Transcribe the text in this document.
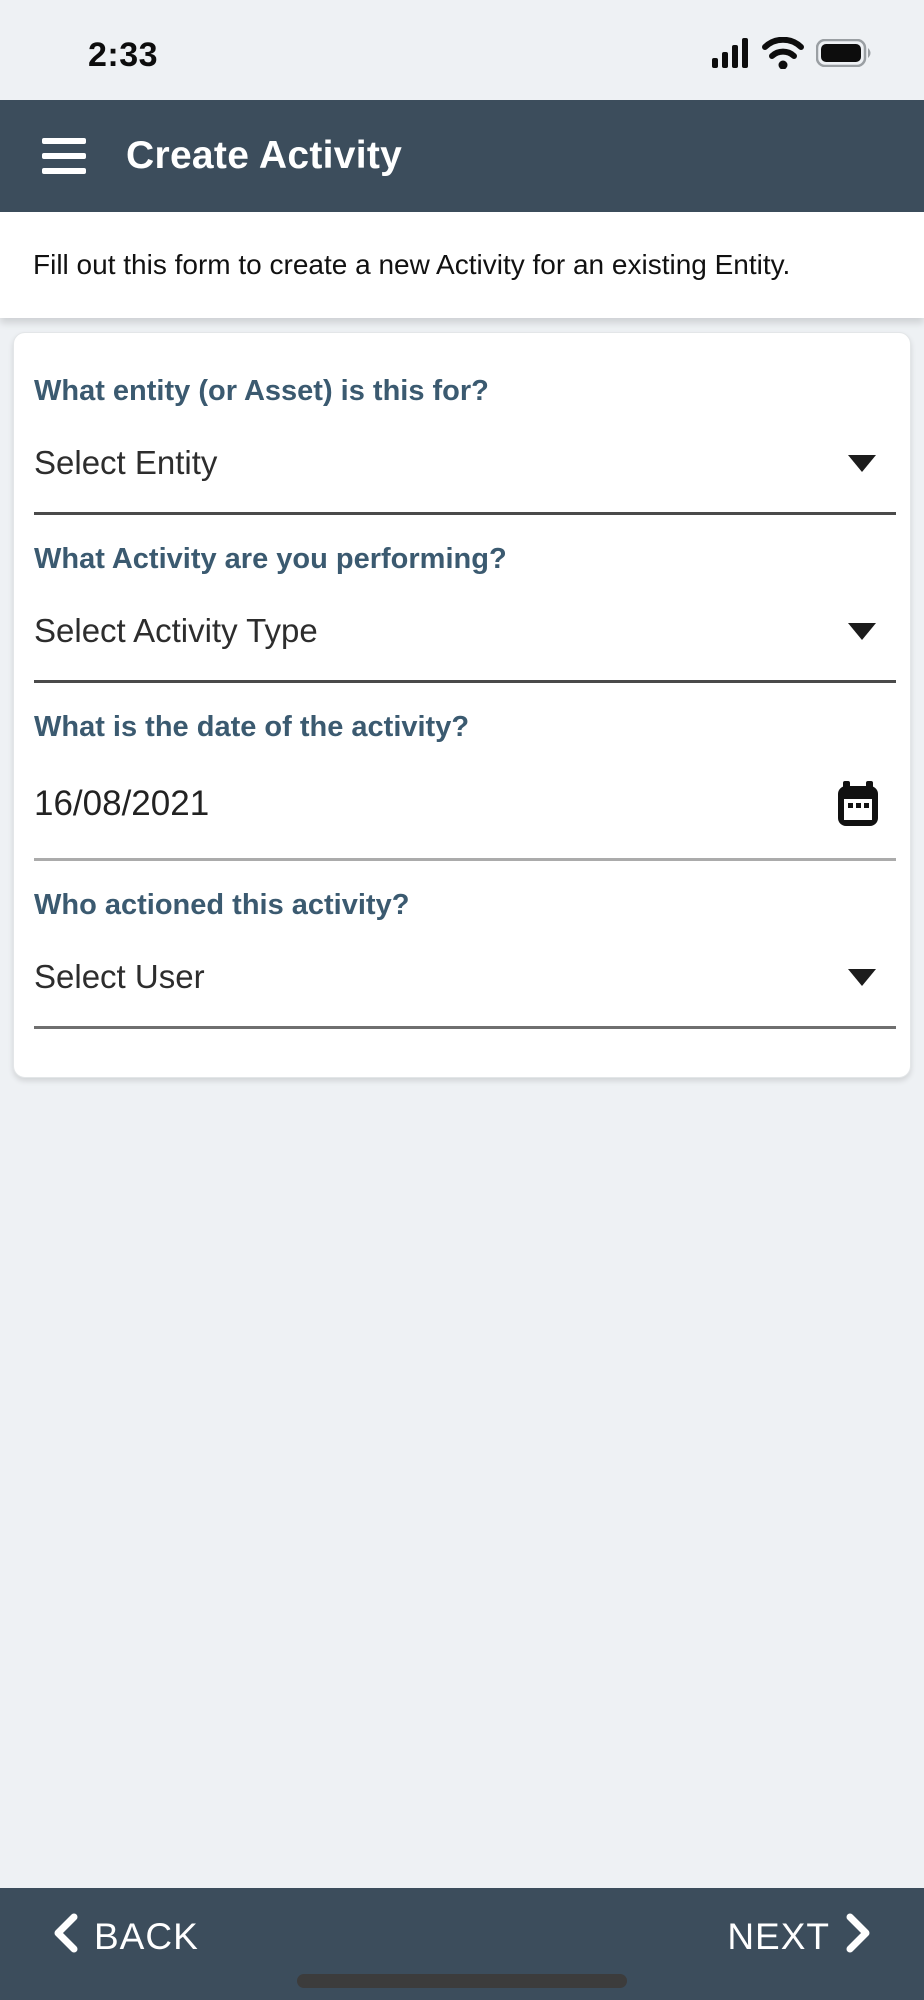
2:33
Create Activity

Fill out this form to create a new Activity for an existing Entity.

What entity (or Asset) is this for?
Select Entity
What Activity are you performing?
Select Activity Type
What is the date of the activity?
16/08/2021
Who actioned this activity?
Select User
BACK	NEXT
